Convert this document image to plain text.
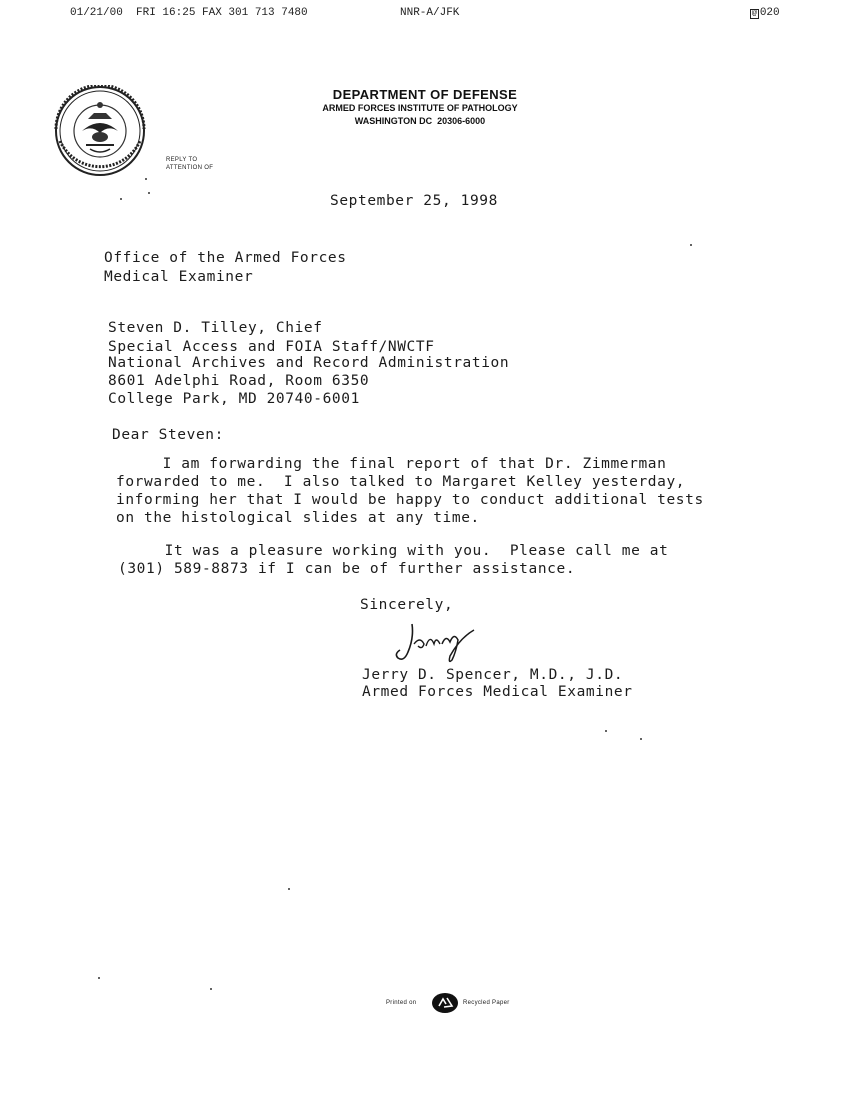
01/21/00  FRI 16:25 FAX 301 713 7480	NNR-A/JFK	@ 020
DEPARTMENT OF DEFENSE
ARMED FORCES INSTITUTE OF PATHOLOGY
WASHINGTON DC  20306-6000
REPLY TO
ATTENTION OF
September 25, 1998
Office of the Armed Forces
Medical Examiner
Steven D. Tilley, Chief
Special Access and FOIA Staff/NWCTF
National Archives and Record Administration
8601 Adelphi Road, Room 6350
College Park, MD 20740-6001
Dear Steven:
I am forwarding the final report of that Dr. Zimmerman
forwarded to me.  I also talked to Margaret Kelley yesterday,
informing her that I would be happy to conduct additional tests
on the histological slides at any time.
It was a pleasure working with you.  Please call me at
(301) 589-8873 if I can be of further assistance.
Sincerely,
Jerry D. Spencer, M.D., J.D.
Armed Forces Medical Examiner
Printed on	Recycled Paper
